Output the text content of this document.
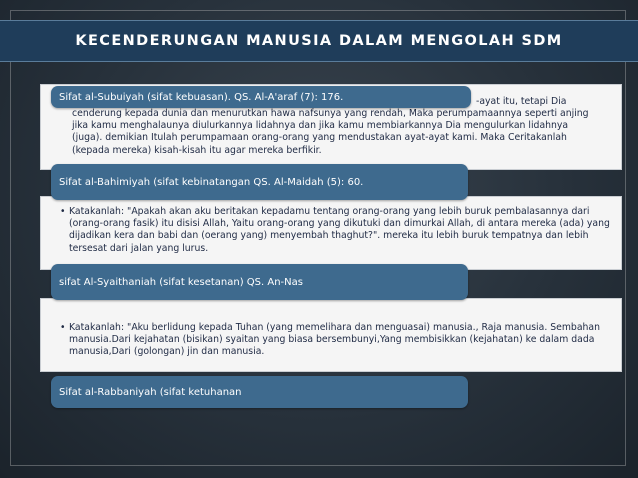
KECENDERUNGAN MANUSIA DALAM MENGOLAH SDM
-ayat itu, tetapi Dia
cenderung kepada dunia dan menurutkan hawa nafsunya yang rendah, Maka perumpamaannya seperti anjing jika kamu menghalaunya diulurkannya lidahnya dan jika kamu membiarkannya Dia mengulurkan lidahnya (juga). demikian Itulah perumpamaan orang-orang yang mendustakan ayat-ayat kami. Maka Ceritakanlah (kepada mereka) kisah-kisah itu agar mereka berfikir.
Sifat al-Subuiyah (sifat kebuasan). QS. Al-A'araf (7): 176.
Sifat al-Bahimiyah (sifat kebinatangan QS. Al-Maidah (5): 60.
• Katakanlah: "Apakah akan aku beritakan kepadamu tentang orang-orang yang lebih buruk pembalasannya dari (orang-orang fasik) itu disisi Allah, Yaitu orang-orang yang dikutuki dan dimurkai Allah, di antara mereka (ada) yang dijadikan kera dan babi dan (oerang yang) menyembah thaghut?". mereka itu lebih buruk tempatnya dan lebih tersesat dari jalan yang lurus.
sifat Al-Syaithaniah (sifat kesetanan) QS. An-Nas
• Katakanlah: "Aku berlidung kepada Tuhan (yang memelihara dan menguasai) manusia., Raja manusia. Sembahan manusia.Dari kejahatan (bisikan) syaitan yang biasa bersembunyi,Yang membisikkan (kejahatan) ke dalam dada manusia,Dari (golongan) jin dan manusia.
Sifat al-Rabbaniyah (sifat ketuhanan
